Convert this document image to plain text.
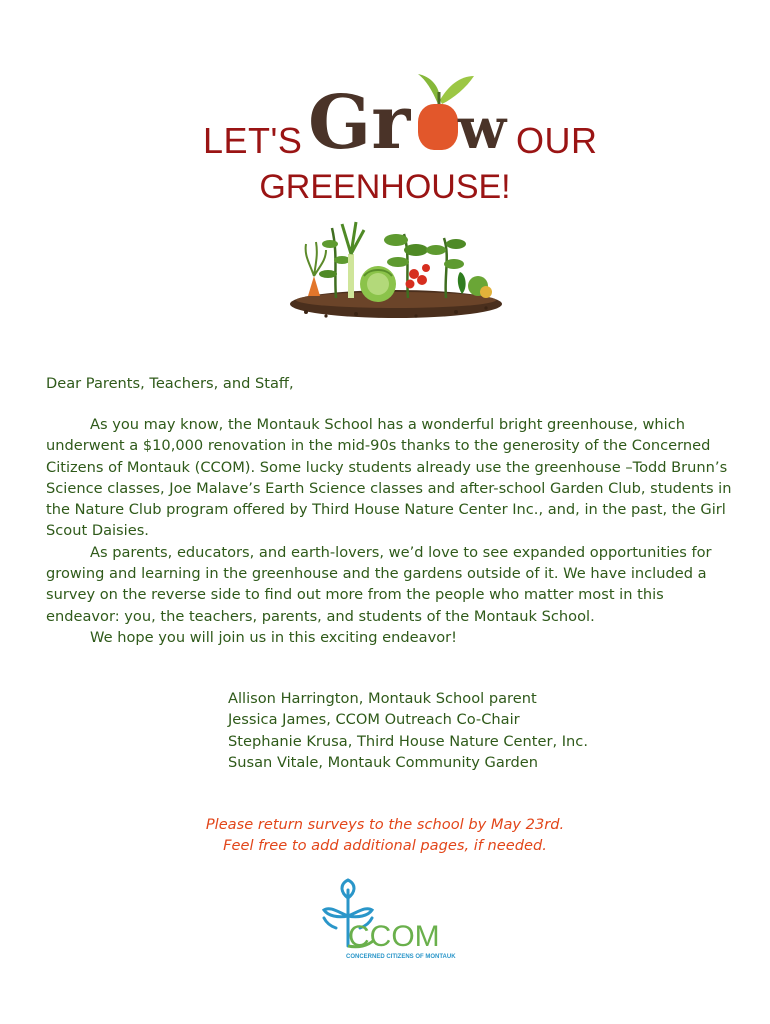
LET'S	OUR
Gr w
GREENHOUSE!
Dear Parents, Teachers, and Staff,

As you may know, the Montauk School has a wonderful bright greenhouse, which underwent a $10,000 renovation in the mid-90s thanks to the generosity of the Concerned Citizens of Montauk (CCOM). Some lucky students already use the greenhouse –Todd Brunn’s Science classes, Joe Malave’s Earth Science classes and after-school Garden Club, students in the Nature Club program offered by Third House Nature Center Inc., and, in the past, the Girl Scout Daisies.

As parents, educators, and earth-lovers, we’d love to see expanded opportunities for growing and learning in the greenhouse and the gardens outside of it. We have included a survey on the reverse side to find out more from the people who matter most in this endeavor: you, the teachers, parents, and students of the Montauk School.

We hope you will join us in this exciting endeavor!

Allison Harrington, Montauk School parent
Jessica James, CCOM Outreach Co-Chair
Stephanie Krusa, Third House Nature Center, Inc.
Susan Vitale, Montauk Community Garden
Please return surveys to the school by May 23rd.
Feel free to add additional pages, if needed.
CCOM
CONCERNED CITIZENS OF MONTAUK
